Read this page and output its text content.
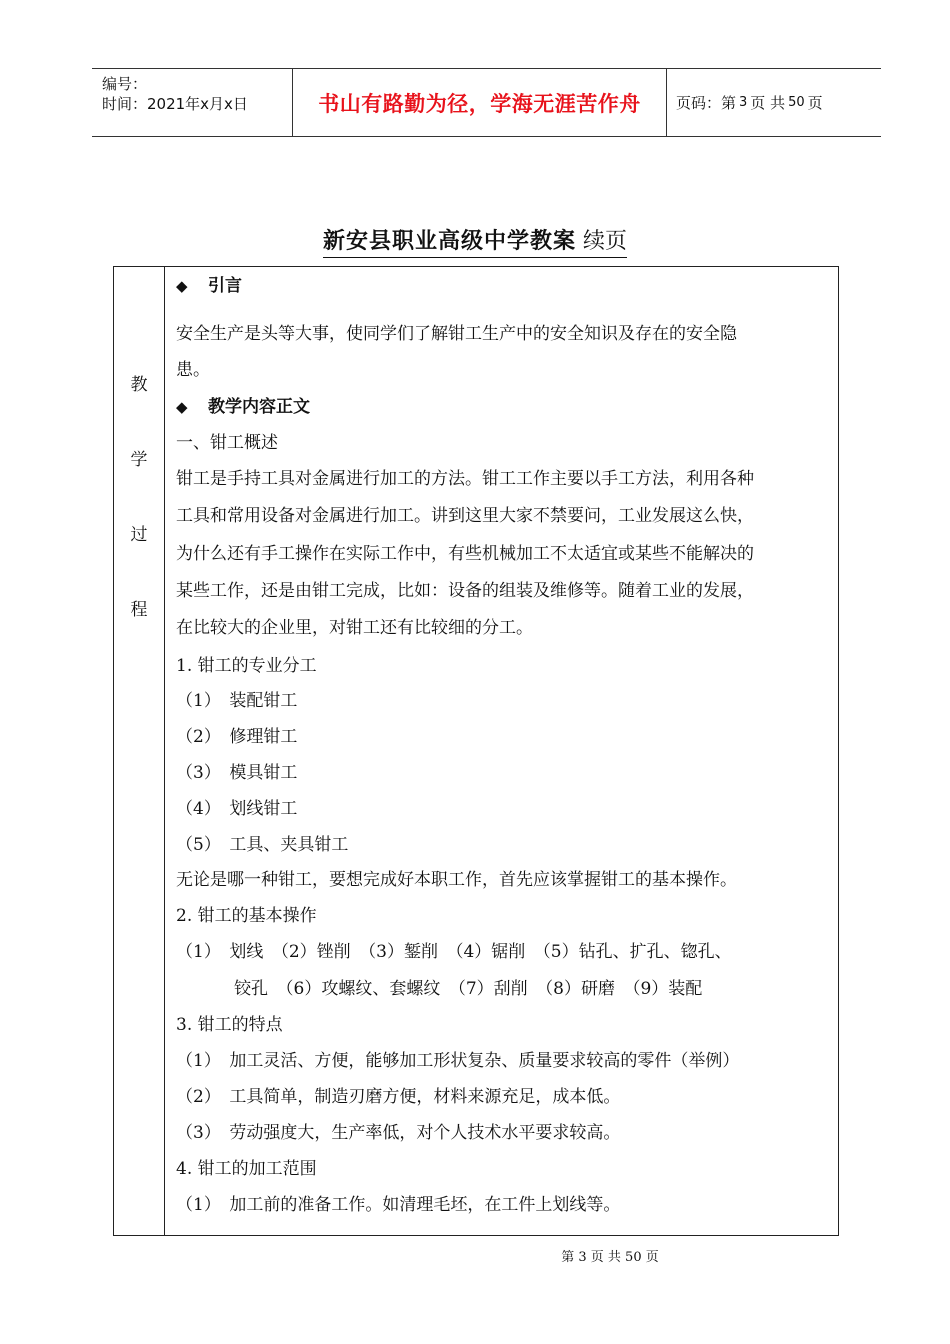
编号：
时间：2021年x月x日	书山有路勤为径，学海无涯苦作舟 页码：第 3 页 共 50 页
新安县职业高级中学教案 续页
教
学
过
程
◆ 引言
安全生产是头等大事，使同学们了解钳工生产中的安全知识及存在的安全隐
患。
◆ 教学内容正文
一、钳工概述
钳工是手持工具对金属进行加工的方法。钳工工作主要以手工方法，利用各种
工具和常用设备对金属进行加工。讲到这里大家不禁要问，工业发展这么快，
为什么还有手工操作在实际工作中，有些机械加工不太适宜或某些不能解决的
某些工作，还是由钳工完成，比如：设备的组装及维修等。随着工业的发展，
在比较大的企业里，对钳工还有比较细的分工。
1. 钳工的专业分工
（1）　装配钳工
（2）　修理钳工
（3）　模具钳工
（4）　划线钳工
（5）　工具、夹具钳工
无论是哪一种钳工，要想完成好本职工作，首先应该掌握钳工的基本操作。
2. 钳工的基本操作
（1）　划线　（2）锉削　（3）錾削　（4）锯削　（5）钻孔、扩孔、锪孔、
铰孔　（6）攻螺纹、套螺纹　（7）刮削　（8）研磨　（9）装配
3. 钳工的特点
（1）　加工灵活、方便，能够加工形状复杂、质量要求较高的零件（举例）
（2）　工具简单，制造刃磨方便，材料来源充足，成本低。
（3）　劳动强度大，生产率低，对个人技术水平要求较高。
4. 钳工的加工范围
（1）　加工前的准备工作。如清理毛坯，在工件上划线等。
第 3 页 共 50 页
